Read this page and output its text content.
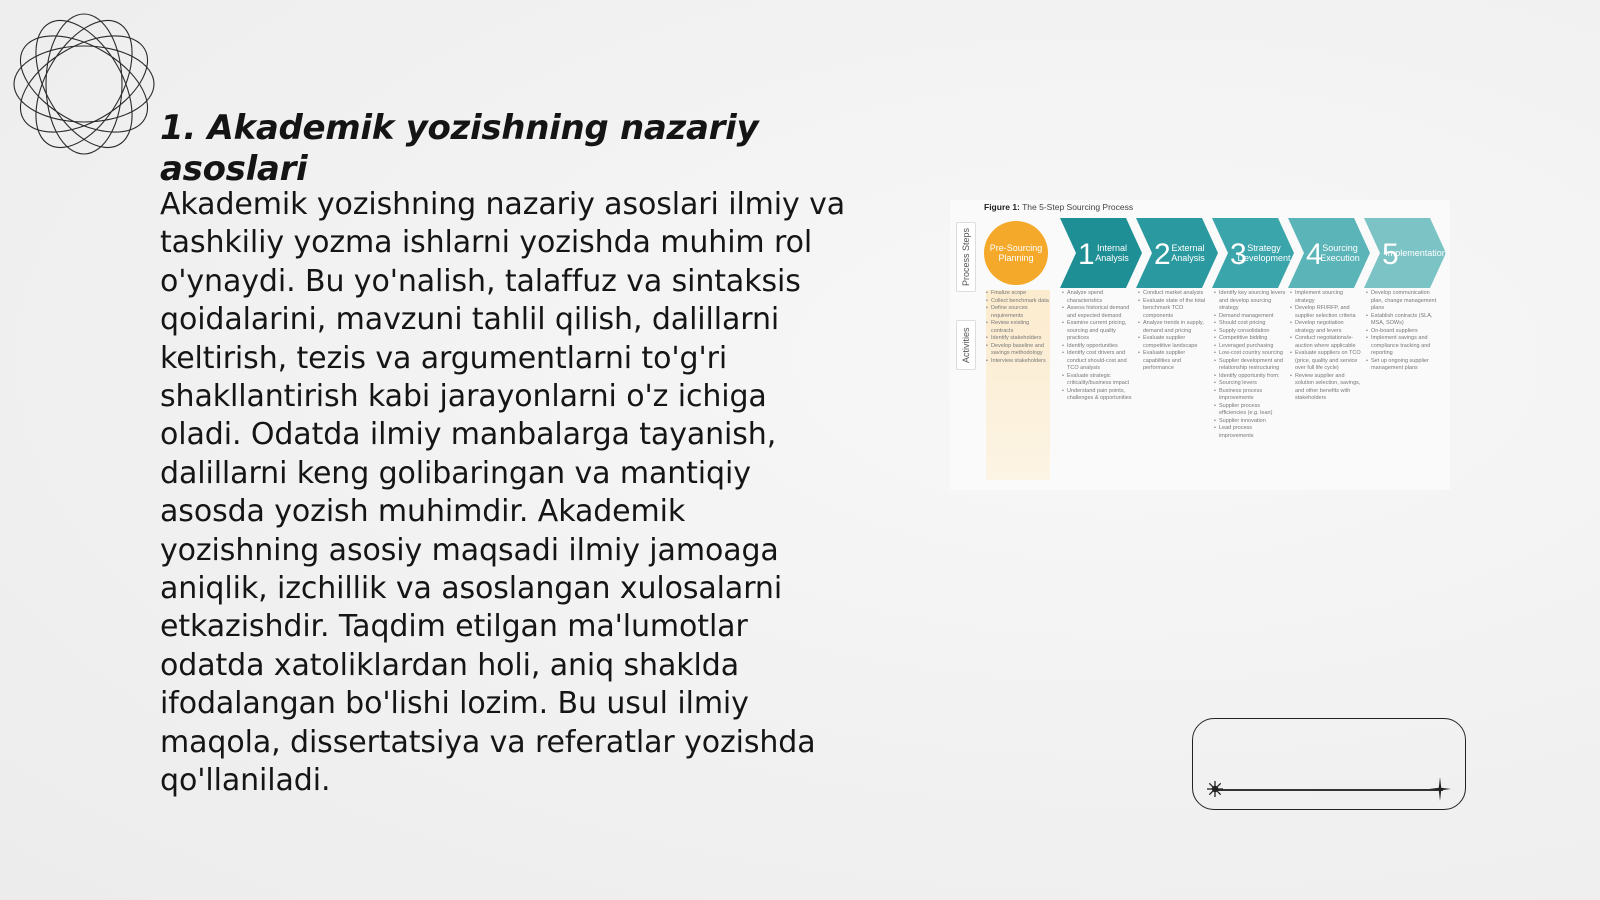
1. Akademik yozishning nazariy asoslari

Akademik yozishning nazariy asoslari ilmiy va tashkiliy yozma ishlarni yozishda muhim rol o'ynaydi. Bu yo'nalish, talaffuz va sintaksis qoidalarini, mavzuni tahlil qilish, dalillarni keltirish, tezis va argumentlarni to'g'ri shakllantirish kabi jarayonlarni o'z ichiga oladi. Odatda ilmiy manbalarga tayanish, dalillarni keng golibaringan va mantiqiy asosda yozish muhimdir. Akademik yozishning asosiy maqsadi ilmiy jamoaga aniqlik, izchillik va asoslangan xulosalarni etkazishdir. Taqdim etilgan ma'lumotlar odatda xatoliklardan holi, aniq shaklda ifodalangan bo'lishi lozim. Bu usul ilmiy maqola, dissertatsiya va referatlar yozishda qo'llaniladi.

Figure 1: The 5-Step Sourcing Process
Process Steps
Activities
Pre-Sourcing
Planning 1 Internal
Analysis 2 External
Analysis 3 Strategy
Development 4 Sourcing
Execution 5
Implementation
• Finalize scope
• Collect benchmark data
• Define sources requirements
• Review existing contracts
• Identify stakeholders
• Develop baseline and savings methodology
• Interview stakeholders
• Analyze spend characteristics
• Assess historical demand and expected demand
• Examine current pricing, sourcing and quality practices
• Identify opportunities
• Identify cost drivers and conduct should-cost and TCO analysis
• Evaluate strategic criticality/business impact
• Understand pain points, challenges & opportunities
• Conduct market analysis
• Evaluate state of the total benchmark TCO components
• Analyze trends in supply, demand and pricing
• Evaluate supplier competitive landscape
• Evaluate supplier capabilities and performance
• Identify key sourcing levers and develop sourcing strategy
• Demand management
• Should cost pricing
• Supply consolidation
• Competitive bidding
• Leveraged purchasing
• Low-cost country sourcing
• Supplier development and relationship restructuring
• Identify opportunity from:
• Sourcing levers
• Business process improvements
• Supplier process efficiencies (e.g. lean)
• Supplier innovation
• Lead process improvements
• Implement sourcing strategy
• Develop RFI/RFP, and supplier selection criteria
• Develop negotiation strategy and levers
• Conduct negotiations/e-auction where applicable
• Evaluate suppliers on TCO (price, quality and service over full life cycle)
• Review supplier and solution selection, savings, and other benefits with stakeholders
• Develop communication plan, change management plans
• Establish contracts (SLA, MSA, SOWs)
• On-board suppliers
• Implement savings and compliance tracking and reporting
• Set up ongoing supplier management plans
